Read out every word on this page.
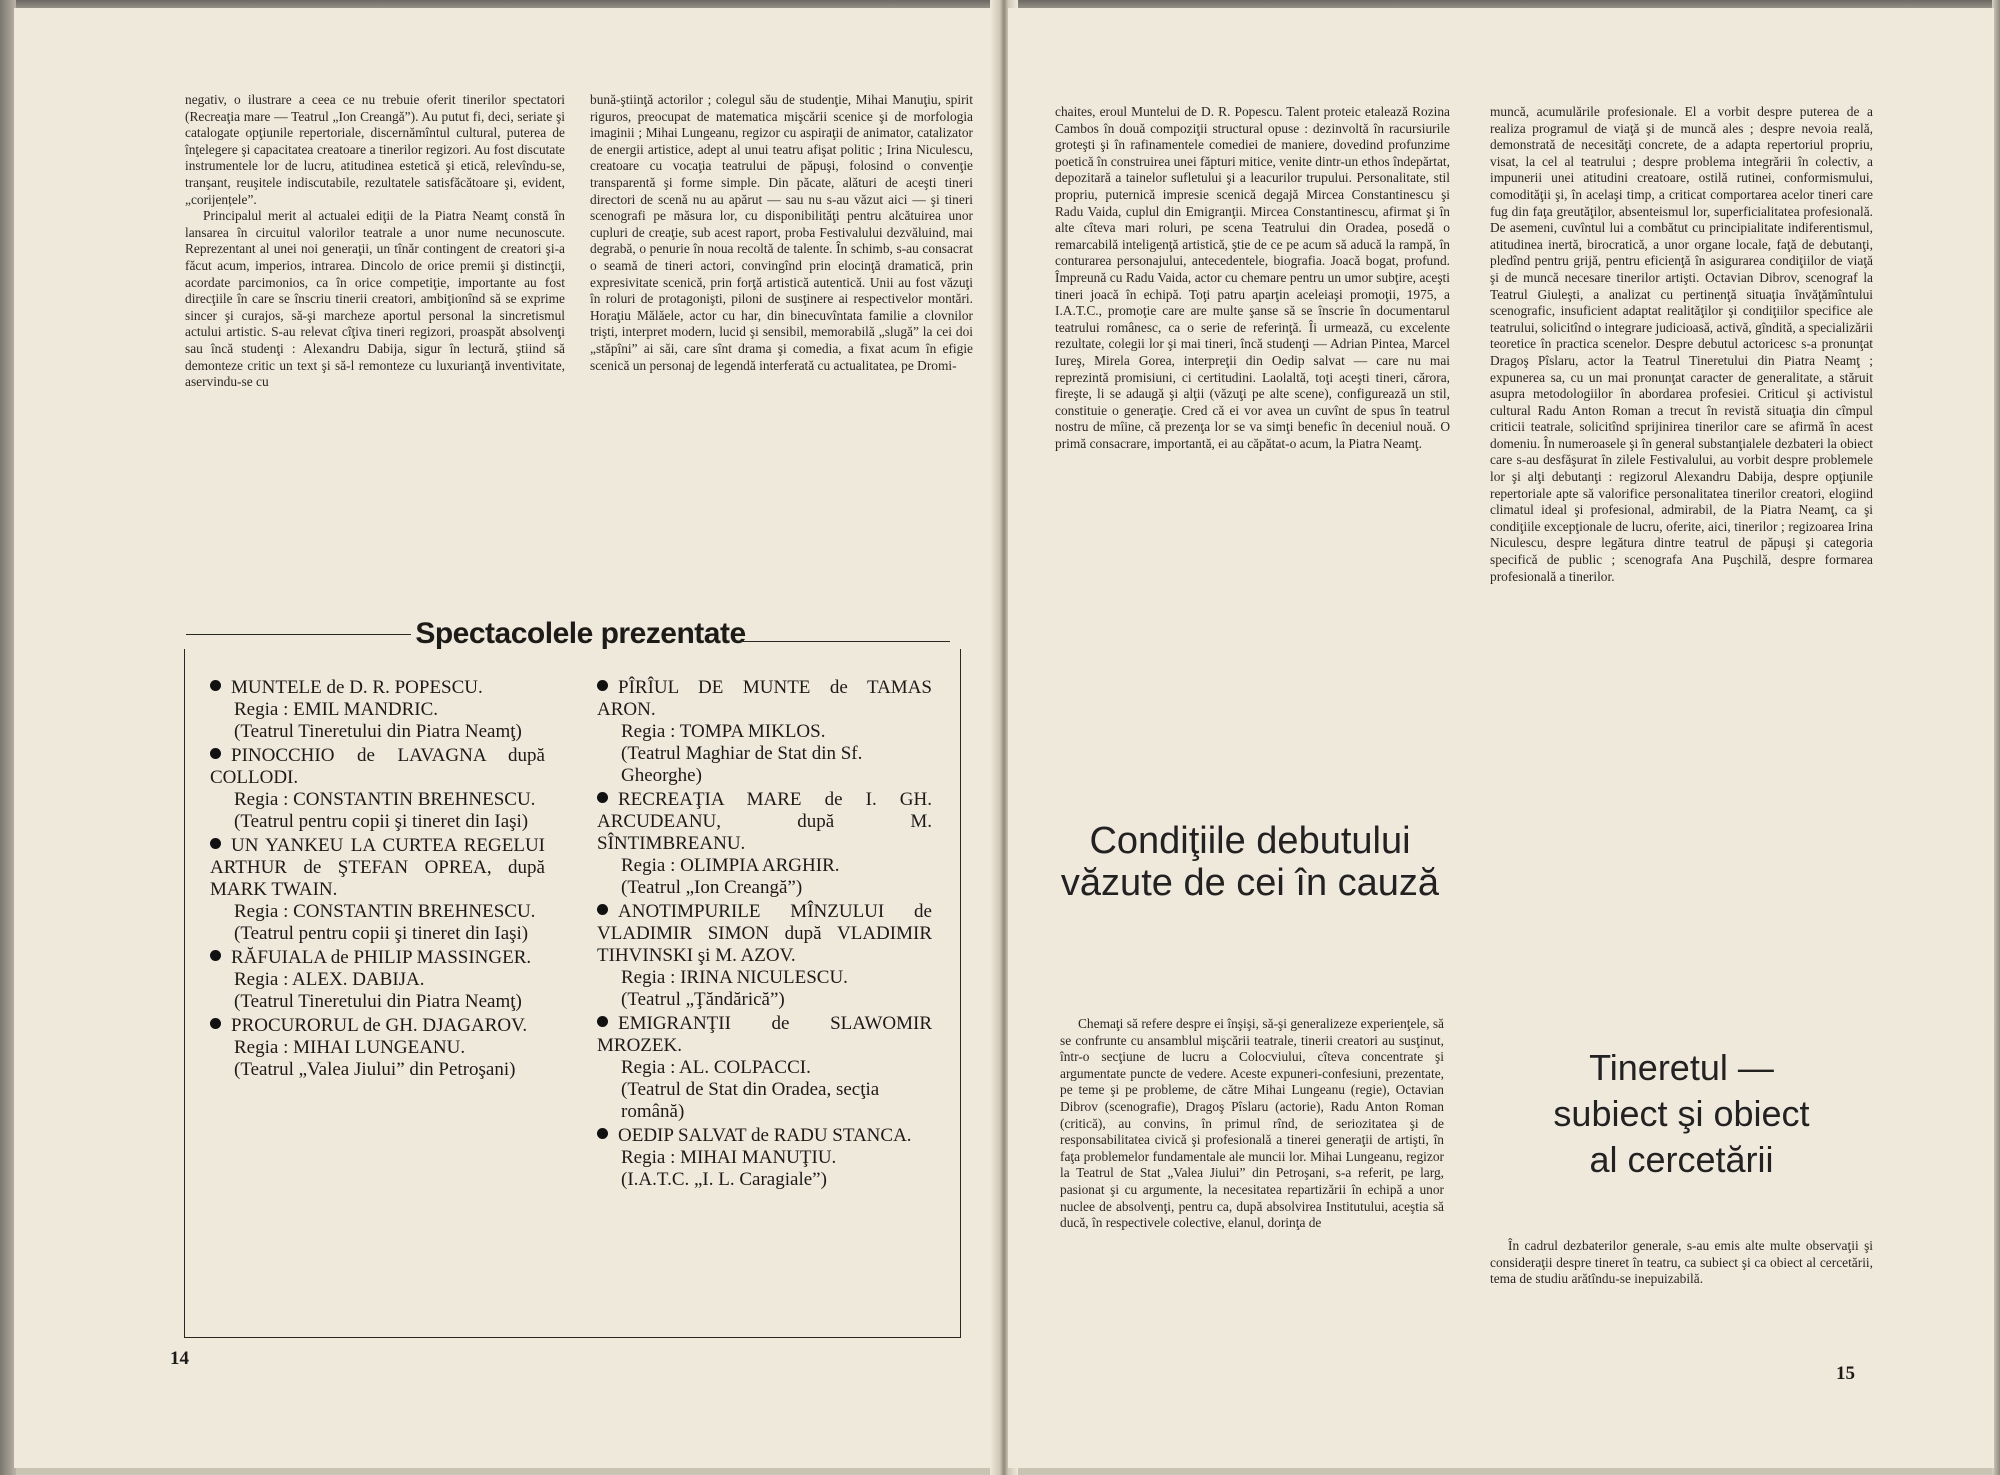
negativ, o ilustrare a ceea ce nu trebuie oferit tinerilor spectatori (Recreaţia mare — Teatrul „Ion Creangă”). Au putut fi, deci, seriate şi catalogate opţiunile repertoriale, discernămîntul cultural, puterea de înţelegere şi capacitatea creatoare a tinerilor regizori. Au fost discutate instrumentele lor de lucru, atitudinea estetică şi etică, relevîndu-se, tranşant, reuşitele indiscutabile, rezultatele satisfăcătoare şi, evident, „corijențele”.

Principalul merit al actualei ediţii de la Piatra Neamţ constă în lansarea în circuitul valorilor teatrale a unor nume necunoscute. Reprezentant al unei noi generaţii, un tînăr contingent de creatori şi-a făcut acum, imperios, intrarea. Dincolo de orice premii şi distincţii, acordate parcimonios, ca în orice competiţie, importante au fost direcţiile în care se înscriu tinerii creatori, ambiţionînd să se exprime sincer şi curajos, să-şi marcheze aportul personal la sincretismul actului artistic. S-au relevat cîţiva tineri regizori, proaspăt absolvenţi sau încă studenţi : Alexandru Dabija, sigur în lectură, ştiind să demonteze critic un text şi să-l remonteze cu luxurianţă inventivitate, aservindu-se cu

bună-ştiinţă actorilor ; colegul său de studenţie, Mihai Manuţiu, spirit riguros, preocupat de matematica mişcării scenice şi de morfologia imaginii ; Mihai Lungeanu, regizor cu aspiraţii de animator, catalizator de energii artistice, adept al unui teatru afişat politic ; Irina Niculescu, creatoare cu vocaţia teatrului de păpuşi, folosind o convenţie transparentă şi forme simple. Din păcate, alături de aceşti tineri directori de scenă nu au apărut — sau nu s-au văzut aici — şi tineri scenografi pe măsura lor, cu disponibilităţi pentru alcătuirea unor cupluri de creaţie, sub acest raport, proba Festivalului dezvăluind, mai degrabă, o penurie în noua recoltă de talente. În schimb, s-au consacrat o seamă de tineri actori, convingînd prin elocinţă dramatică, prin expresivitate scenică, prin forţă artistică autentică. Unii au fost văzuţi în roluri de protagonişti, piloni de susţinere ai respectivelor montări. Horaţiu Mălăele, actor cu har, din binecuvîntata familie a clovnilor trişti, interpret modern, lucid şi sensibil, memorabilă „slugă” la cei doi „stăpîni” ai săi, care sînt drama şi comedia, a fixat acum în efigie scenică un personaj de legendă interferată cu actualitatea, pe Dromi-

Spectacolele prezentate
MUNTELE de D. R. POPESCU.
Regia : EMIL MANDRIC.
(Teatrul Tineretului din Piatra Neamţ)
PINOCCHIO de LAVAGNA după COLLODI.
Regia : CONSTANTIN BREHNESCU.
(Teatrul pentru copii şi tineret din Iaşi)
UN YANKEU LA CURTEA REGELUI ARTHUR de ŞTEFAN OPREA, după MARK TWAIN.
Regia : CONSTANTIN BREHNESCU.
(Teatrul pentru copii şi tineret din Iaşi)
RĂFUIALA de PHILIP MASSINGER.
Regia : ALEX. DABIJA.
(Teatrul Tineretului din Piatra Neamţ)
PROCURORUL de GH. DJAGAROV.
Regia : MIHAI LUNGEANU.
(Teatrul „Valea Jiului” din Petroşani)
PÎRÎUL DE MUNTE de TAMAS ARON.
Regia : TOMPA MIKLOS.
(Teatrul Maghiar de Stat din Sf. Gheorghe)
RECREAŢIA MARE de I. GH. ARCUDEANU, după M. SÎNTIMBREANU.
Regia : OLIMPIA ARGHIR.
(Teatrul „Ion Creangă”)
ANOTIMPURILE MÎNZULUI de VLADIMIR SIMON după VLADIMIR TIHVINSKI şi M. AZOV.
Regia : IRINA NICULESCU.
(Teatrul „Ţăndărică”)
EMIGRANŢII de SLAWOMIR MROZEK.
Regia : AL. COLPACCI.
(Teatrul de Stat din Oradea, secţia română)
OEDIP SALVAT de RADU STANCA.
Regia : MIHAI MANUŢIU.
(I.A.T.C. „I. L. Caragiale”)
14

chaites, eroul Muntelui de D. R. Popescu. Talent proteic etalează Rozina Cambos în două compoziţii structural opuse : dezinvoltă în racursiurile groteşti şi în rafinamentele comediei de maniere, dovedind profunzime poetică în construirea unei făpturi mitice, venite dintr-un ethos îndepărtat, depozitară a tainelor sufletului şi a leacurilor trupului. Personalitate, stil propriu, puternică impresie scenică degajă Mircea Constantinescu şi Radu Vaida, cuplul din Emigranţii. Mircea Constantinescu, afirmat şi în alte cîteva mari roluri, pe scena Teatrului din Oradea, posedă o remarcabilă inteligenţă artistică, ştie de ce pe acum să aducă la rampă, în conturarea personajului, antecedentele, biografia. Joacă bogat, profund. Împreună cu Radu Vaida, actor cu chemare pentru un umor subţire, aceşti tineri joacă în echipă. Toţi patru aparţin aceleiaşi promoţii, 1975, a I.A.T.C., promoţie care are multe şanse să se înscrie în documentarul teatrului românesc, ca o serie de referinţă. Îi urmează, cu excelente rezultate, colegii lor şi mai tineri, încă studenţi — Adrian Pintea, Marcel Iureş, Mirela Gorea, interpreţii din Oedip salvat — care nu mai reprezintă promisiuni, ci certitudini. Laolaltă, toţi aceşti tineri, cărora, fireşte, li se adaugă şi alţii (văzuţi pe alte scene), configurează un stil, constituie o generaţie. Cred că ei vor avea un cuvînt de spus în teatrul nostru de mîine, că prezenţa lor se va simţi benefic în deceniul nouă. O primă consacrare, importantă, ei au căpătat-o acum, la Piatra Neamţ.

Condiţiile debutului
văzute de cei în cauză

Chemaţi să refere despre ei înşişi, să-şi generalizeze experienţele, să se confrunte cu ansamblul mişcării teatrale, tinerii creatori au susţinut, într-o secţiune de lucru a Colocviului, cîteva concentrate şi argumentate puncte de vedere. Aceste expuneri-confesiuni, prezentate, pe teme şi pe probleme, de către Mihai Lungeanu (regie), Octavian Dibrov (scenografie), Dragoş Pîslaru (actorie), Radu Anton Roman (critică), au convins, în primul rînd, de seriozitatea şi de responsabilitatea civică şi profesională a tinerei generaţii de artişti, în faţa problemelor fundamentale ale muncii lor. Mihai Lungeanu, regizor la Teatrul de Stat „Valea Jiului” din Petroşani, s-a referit, pe larg, pasionat şi cu argumente, la necesitatea repartizării în echipă a unor nuclee de absolvenţi, pentru ca, după absolvirea Institutului, aceştia să ducă, în respectivele colective, elanul, dorinţa de

muncă, acumulările profesionale. El a vorbit despre puterea de a realiza programul de viaţă şi de muncă ales ; despre nevoia reală, demonstrată de necesităţi concrete, de a adapta repertoriul propriu, visat, la cel al teatrului ; despre problema integrării în colectiv, a impunerii unei atitudini creatoare, ostilă rutinei, conformismului, comodităţii şi, în acelaşi timp, a criticat comportarea acelor tineri care fug din faţa greutăţilor, absenteismul lor, superficialitatea profesională. De asemeni, cuvîntul lui a combătut cu principialitate indiferentismul, atitudinea inertă, birocratică, a unor organe locale, faţă de debutanţi, pledînd pentru grijă, pentru eficienţă în asigurarea condiţiilor de viaţă şi de muncă necesare tinerilor artişti. Octavian Dibrov, scenograf la Teatrul Giuleşti, a analizat cu pertinenţă situaţia învăţămîntului scenografic, insuficient adaptat realităţilor şi condiţiilor specifice ale teatrului, solicitînd o integrare judicioasă, activă, gîndită, a specializării teoretice în practica scenelor. Despre debutul actoricesc s-a pronunţat Dragoş Pîslaru, actor la Teatrul Tineretului din Piatra Neamţ ; expunerea sa, cu un mai pronunţat caracter de generalitate, a stăruit asupra metodologiilor în abordarea profesiei. Criticul şi activistul cultural Radu Anton Roman a trecut în revistă situaţia din cîmpul criticii teatrale, solicitînd sprijinirea tinerilor care se afirmă în acest domeniu. În numeroasele şi în general substanţialele dezbateri la obiect care s-au desfăşurat în zilele Festivalului, au vorbit despre problemele lor şi alţi debutanţi : regizorul Alexandru Dabija, despre opţiunile repertoriale apte să valorifice personalitatea tinerilor creatori, elogiind climatul ideal şi profesional, admirabil, de la Piatra Neamţ, ca şi condiţiile excepţionale de lucru, oferite, aici, tinerilor ; regizoarea Irina Niculescu, despre legătura dintre teatrul de păpuşi şi categoria specifică de public ; scenografa Ana Puşchilă, despre formarea profesională a tinerilor.

Tineretul —
subiect şi obiect
al cercetării

În cadrul dezbaterilor generale, s-au emis alte multe observaţii şi consideraţii despre tineret în teatru, ca subiect şi ca obiect al cercetării, tema de studiu arătîndu-se inepuizabilă.

15
